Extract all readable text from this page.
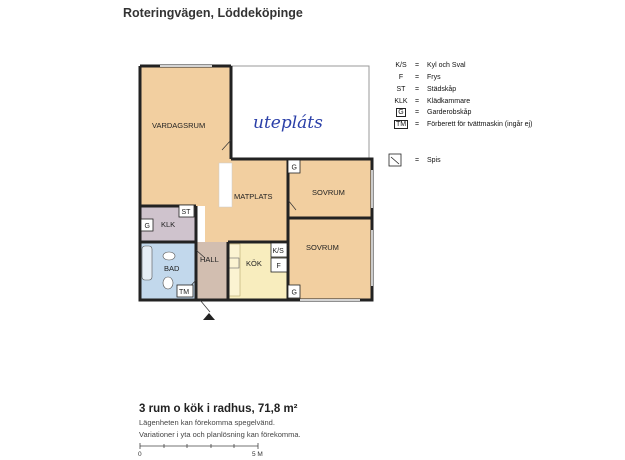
Roteringvägen, Löddeköpinge
VARDAGSRUM
MATPLATS	SOVRUM
SOVRUM
KLK
HALL
BAD
KÖK
ST
G
G
G
K/S
F
TM
utepláts
K/S	= Kyl och Sval
F	= Frys
ST	= Städskåp
KLK	= Klädkammare
G	= Garderobskåp
TM	= Förberett för tvättmaskin (ingår ej)
= Spis
3 rum o kök i radhus, 71,8 m²
Lägenheten kan förekomma spegelvänd.
Variationer i yta och planlösning kan förekomma.
0	5 M
